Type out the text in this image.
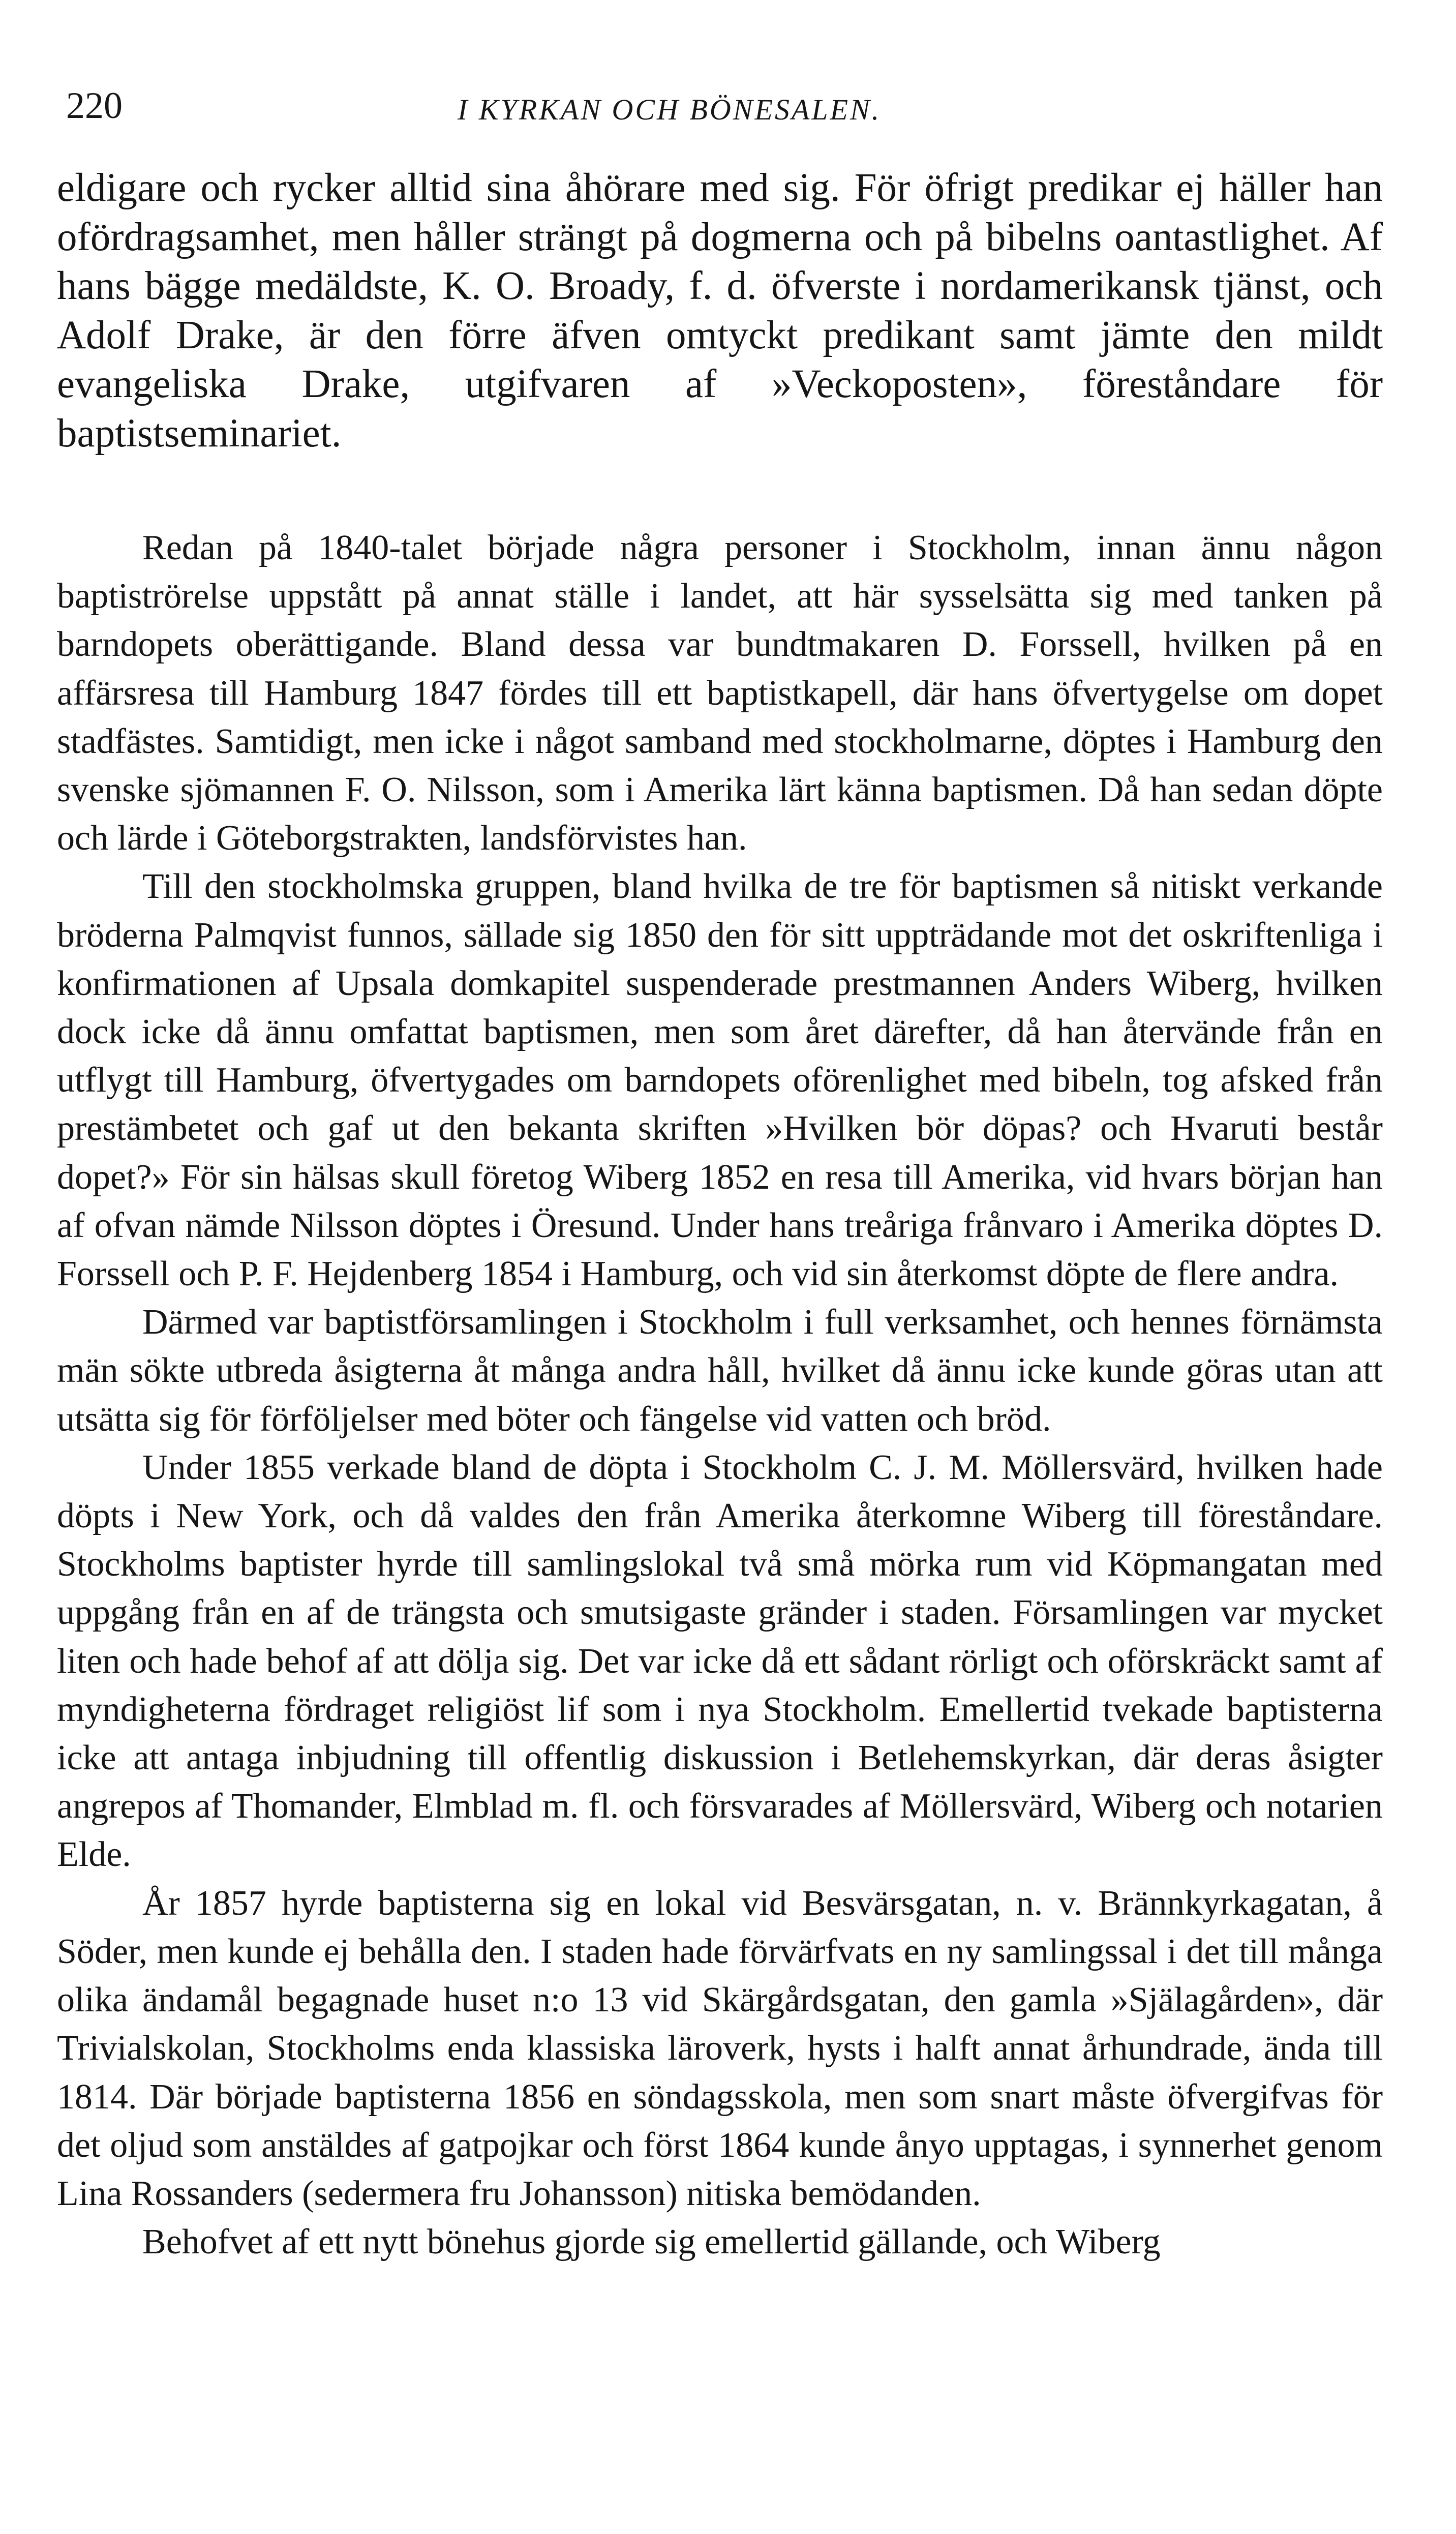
220	I KYRKAN OCH BÖNESALEN.

eldigare och rycker alltid sina åhörare med sig. För öfrigt predikar ej häller han ofördragsamhet, men håller strängt på dogmerna och på bibelns oantastlighet. Af hans bägge medäldste, K. O. Broady, f. d. öfverste i nordamerikansk tjänst, och Adolf Drake, är den förre äfven omtyckt predikant samt jämte den mildt evangeliska Drake, utgifvaren af »Veckoposten», föreståndare för baptistseminariet.

Redan på 1840-talet började några personer i Stockholm, innan ännu någon baptiströrelse uppstått på annat ställe i landet, att här sysselsätta sig med tanken på barndopets oberättigande. Bland dessa var bundtmakaren D. Forssell, hvilken på en affärsresa till Hamburg 1847 fördes till ett baptistkapell, där hans öfvertygelse om dopet stadfästes. Samtidigt, men icke i något samband med stockholmarne, döptes i Hamburg den svenske sjömannen F. O. Nilsson, som i Amerika lärt känna baptismen. Då han sedan döpte och lärde i Göteborgstrakten, landsförvistes han.

Till den stockholmska gruppen, bland hvilka de tre för baptismen så nitiskt verkande bröderna Palmqvist funnos, sällade sig 1850 den för sitt uppträdande mot det oskriftenliga i konfirmationen af Upsala domkapitel suspenderade prestmannen Anders Wiberg, hvilken dock icke då ännu omfattat baptismen, men som året därefter, då han återvände från en utflygt till Hamburg, öfvertygades om barndopets oförenlighet med bibeln, tog afsked från prestämbetet och gaf ut den bekanta skriften »Hvilken bör döpas? och Hvaruti består dopet?» För sin hälsas skull företog Wiberg 1852 en resa till Amerika, vid hvars början han af ofvan nämde Nilsson döptes i Öresund. Under hans treåriga frånvaro i Amerika döptes D. Forssell och P. F. Hejdenberg 1854 i Hamburg, och vid sin återkomst döpte de flere andra.

Därmed var baptistförsamlingen i Stockholm i full verksamhet, och hennes förnämsta män sökte utbreda åsigterna åt många andra håll, hvilket då ännu icke kunde göras utan att utsätta sig för förföljelser med böter och fängelse vid vatten och bröd.

Under 1855 verkade bland de döpta i Stockholm C. J. M. Möllersvärd, hvilken hade döpts i New York, och då valdes den från Amerika återkomne Wiberg till föreståndare. Stockholms baptister hyrde till samlingslokal två små mörka rum vid Köpmangatan med uppgång från en af de trängsta och smutsigaste gränder i staden. Församlingen var mycket liten och hade behof af att dölja sig. Det var icke då ett sådant rörligt och oförskräckt samt af myndigheterna fördraget religiöst lif som i nya Stockholm. Emellertid tvekade baptisterna icke att antaga inbjudning till offentlig diskussion i Betlehemskyrkan, där deras åsigter angrepos af Thomander, Elmblad m. fl. och försvarades af Möllersvärd, Wiberg och notarien Elde.

År 1857 hyrde baptisterna sig en lokal vid Besvärsgatan, n. v. Brännkyrkagatan, å Söder, men kunde ej behålla den. I staden hade förvärfvats en ny samlingssal i det till många olika ändamål begagnade huset n:o 13 vid Skärgårdsgatan, den gamla »Själagården», där Trivialskolan, Stockholms enda klassiska läroverk, hysts i halft annat århundrade, ända till 1814. Där började baptisterna 1856 en söndagsskola, men som snart måste öfvergifvas för det oljud som anstäldes af gatpojkar och först 1864 kunde ånyo upptagas, i synnerhet genom Lina Rossanders (sedermera fru Johansson) nitiska bemödanden.

Behofvet af ett nytt bönehus gjorde sig emellertid gällande, och Wiberg
